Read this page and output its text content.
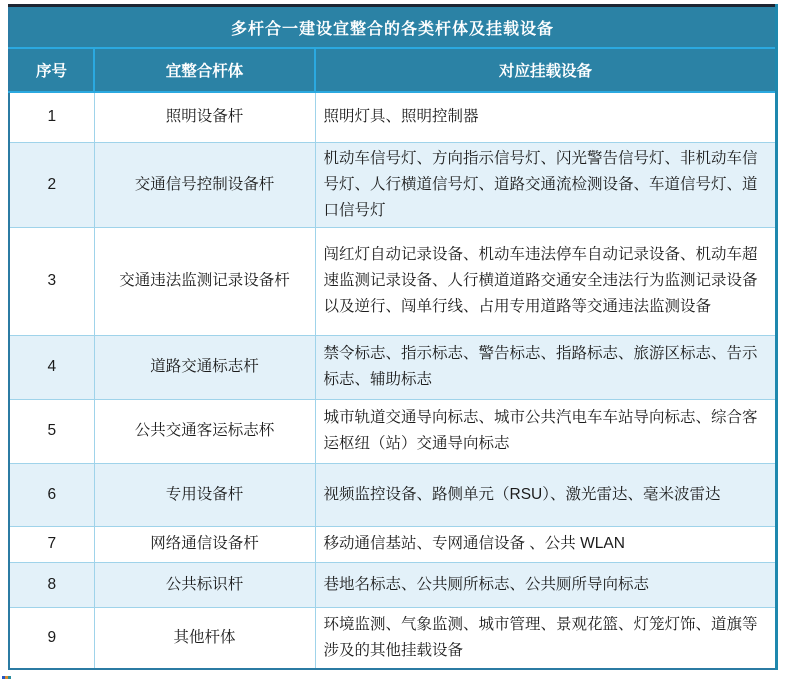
多杆合一建设宜整合的各类杆体及挂载设备		
序号	宜整合杆体	对应挂载设备
1	照明设备杆	照明灯具、照明控制器
2	交通信号控制设备杆	机动车信号灯、方向指示信号灯、闪光警告信号灯、非机动车信号灯、人行横道信号灯、道路交通流检测设备、车道信号灯、道口信号灯
3	交通违法监测记录设备杆	闯红灯自动记录设备、机动车违法停车自动记录设备、机动车超速监测记录设备、人行横道道路交通安全违法行为监测记录设备以及逆行、闯单行线、占用专用道路等交通违法监测设备
4	道路交通标志杆	禁令标志、指示标志、警告标志、指路标志、旅游区标志、告示标志、辅助标志
5	公共交通客运标志杯	城市轨道交通导向标志、城市公共汽电车车站导向标志、综合客运枢纽（站）交通导向标志
6	专用设备杆	视频监控设备、路侧单元（RSU）、激光雷达、毫米波雷达
7	网络通信设备杆	移动通信基站、专网通信设备 、公共 WLAN
8	公共标识杆	巷地名标志、公共厕所标志、公共厕所导向标志
9	其他杆体	环境监测、气象监测、城市管理、景观花篮、灯笼灯饰、道旗等涉及的其他挂载设备
